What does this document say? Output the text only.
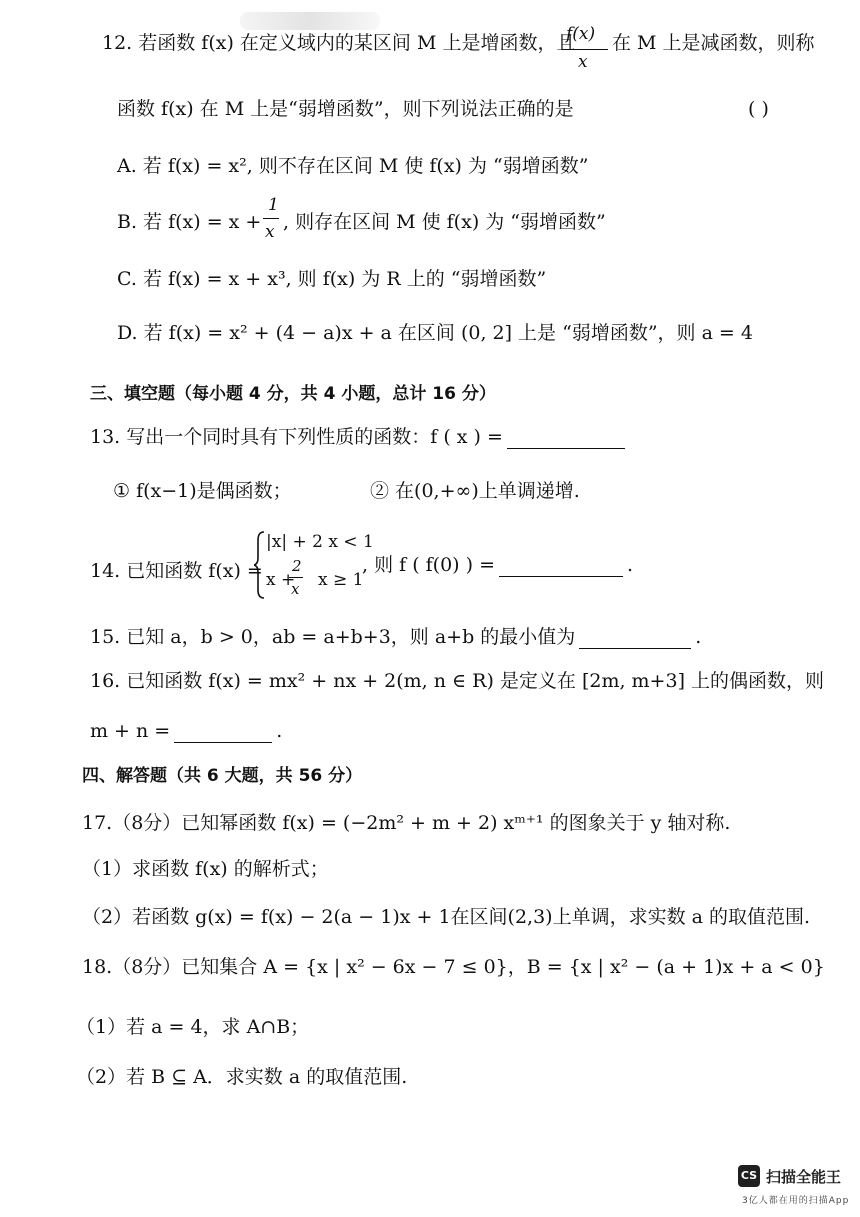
12. 若函数 f(x) 在定义域内的某区间 M 上是增函数，且
f(x)
x
在 M 上是减函数，则称
函数 f(x) 在 M 上是“弱增函数”，则下列说法正确的是	( )
A. 若 f(x) = x², 则不存在区间 M 使 f(x) 为 “弱增函数”
B. 若 f(x) = x +
1
x , 则存在区间 M 使 f(x) 为 “弱增函数”
C. 若 f(x) = x + x³, 则 f(x) 为 R 上的 “弱增函数”
D. 若 f(x) = x² + (4 − a)x + a 在区间 (0, 2] 上是 “弱增函数”，则 a = 4
三、填空题（每小题 4 分，共 4 小题，总计 16 分）
13. 写出一个同时具有下列性质的函数：f ( x ) =
① f(x−1)是偶函数；	② 在(0,+∞)上单调递增.
14. 已知函数 f(x) =
|x| + 2 x < 1
x +
2
x x ≥ 1
, 则 f ( f(0) ) =	.
15. 已知 a，b > 0，ab = a+b+3，则 a+b 的最小值为	.
16. 已知函数 f(x) = mx² + nx + 2(m, n ∈ R) 是定义在 [2m, m+3] 上的偶函数，则
m + n =	.
四、解答题（共 6 大题，共 56 分）
17.（8分）已知幂函数 f(x) = (−2m² + m + 2) xᵐ⁺¹ 的图象关于 y 轴对称.
（1）求函数 f(x) 的解析式；
（2）若函数 g(x) = f(x) − 2(a − 1)x + 1在区间(2,3)上单调，求实数 a 的取值范围.
18.（8分）已知集合 A = {x | x² − 6x − 7 ≤ 0}，B = {x | x² − (a + 1)x + a < 0}
（1）若 a = 4，求 A∩B；
（2）若 B ⊆ A．求实数 a 的取值范围.
CS 扫描全能王
3亿人都在用的扫描App
